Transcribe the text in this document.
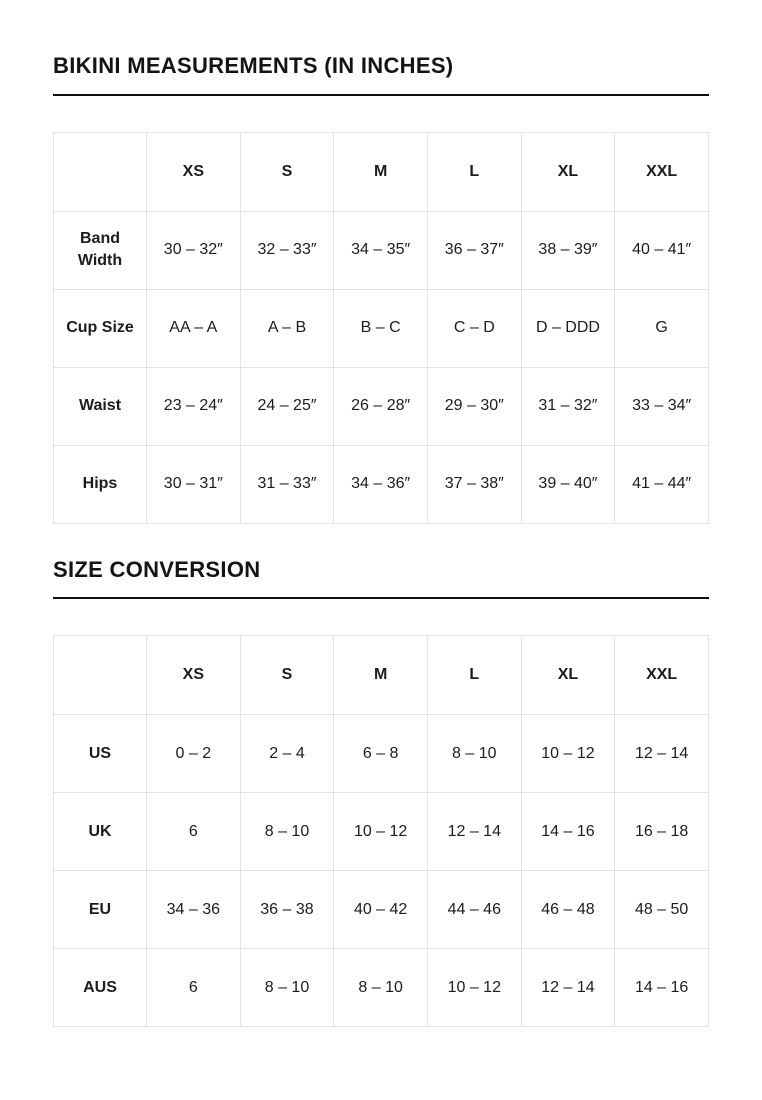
BIKINI MEASUREMENTS (IN INCHES)
	XS	S	M	L	XL	XXL
Band Width	30 – 32″	32 – 33″	34 – 35″	36 – 37″	38 – 39″	40 – 41″
Cup Size	AA – A	A – B	B – C	C – D	D – DDD	G
Waist	23 – 24″	24 – 25″	26 – 28″	29 – 30″	31 – 32″	33 – 34″
Hips	30 – 31″	31 – 33″	34 – 36″	37 – 38″	39 – 40″	41 – 44″
SIZE CONVERSION
	XS	S	M	L	XL	XXL
US	0 – 2	2 – 4	6 – 8	8 – 10	10 – 12	12 – 14
UK	6	8 – 10	10 – 12	12 – 14	14 – 16	16 – 18
EU	34 – 36	36 – 38	40 – 42	44 – 46	46 – 48	48 – 50
AUS	6	8 – 10	8 – 10	10 – 12	12 – 14	14 – 16
